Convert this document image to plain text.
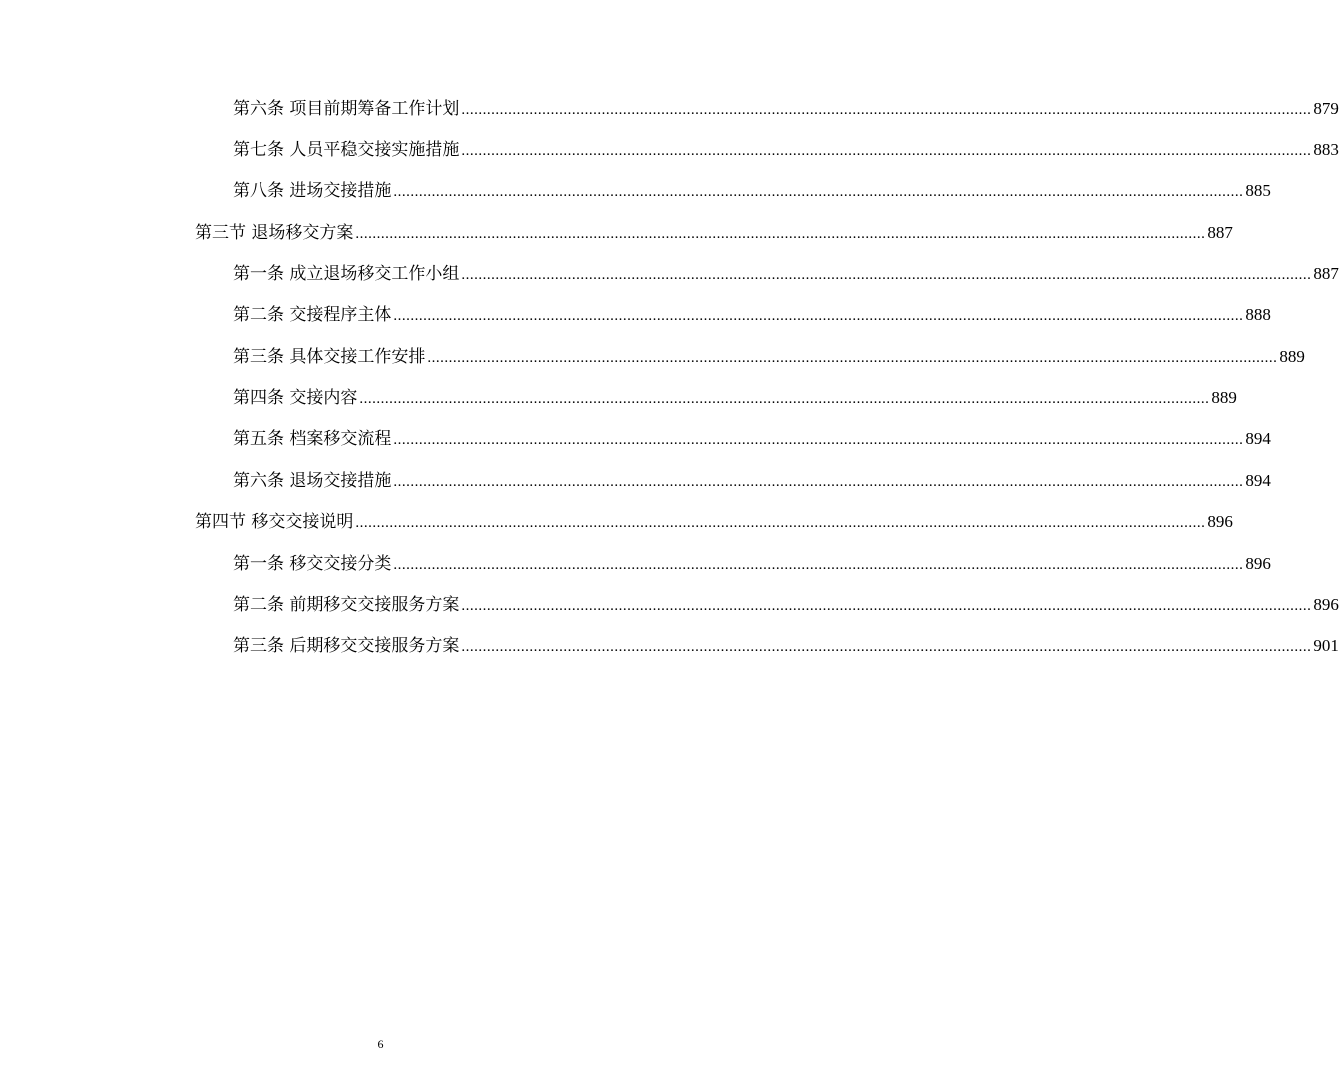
第六条 项目前期筹备工作计划 ........................................................................................................................................................................................................ 879
第七条 人员平稳交接实施措施 ........................................................................................................................................................................................................ 883
第八条 进场交接措施 ........................................................................................................................................................................................................ 885
第三节 退场移交方案 ........................................................................................................................................................................................................ 887
第一条 成立退场移交工作小组 ........................................................................................................................................................................................................ 887
第二条 交接程序主体 ........................................................................................................................................................................................................ 888
第三条 具体交接工作安排 ........................................................................................................................................................................................................ 889
第四条 交接内容 ........................................................................................................................................................................................................ 889
第五条 档案移交流程 ........................................................................................................................................................................................................ 894
第六条 退场交接措施 ........................................................................................................................................................................................................ 894
第四节 移交交接说明 ........................................................................................................................................................................................................ 896
第一条 移交交接分类 ........................................................................................................................................................................................................ 896
第二条 前期移交交接服务方案 ........................................................................................................................................................................................................ 896
第三条 后期移交交接服务方案 ........................................................................................................................................................................................................ 901
6
